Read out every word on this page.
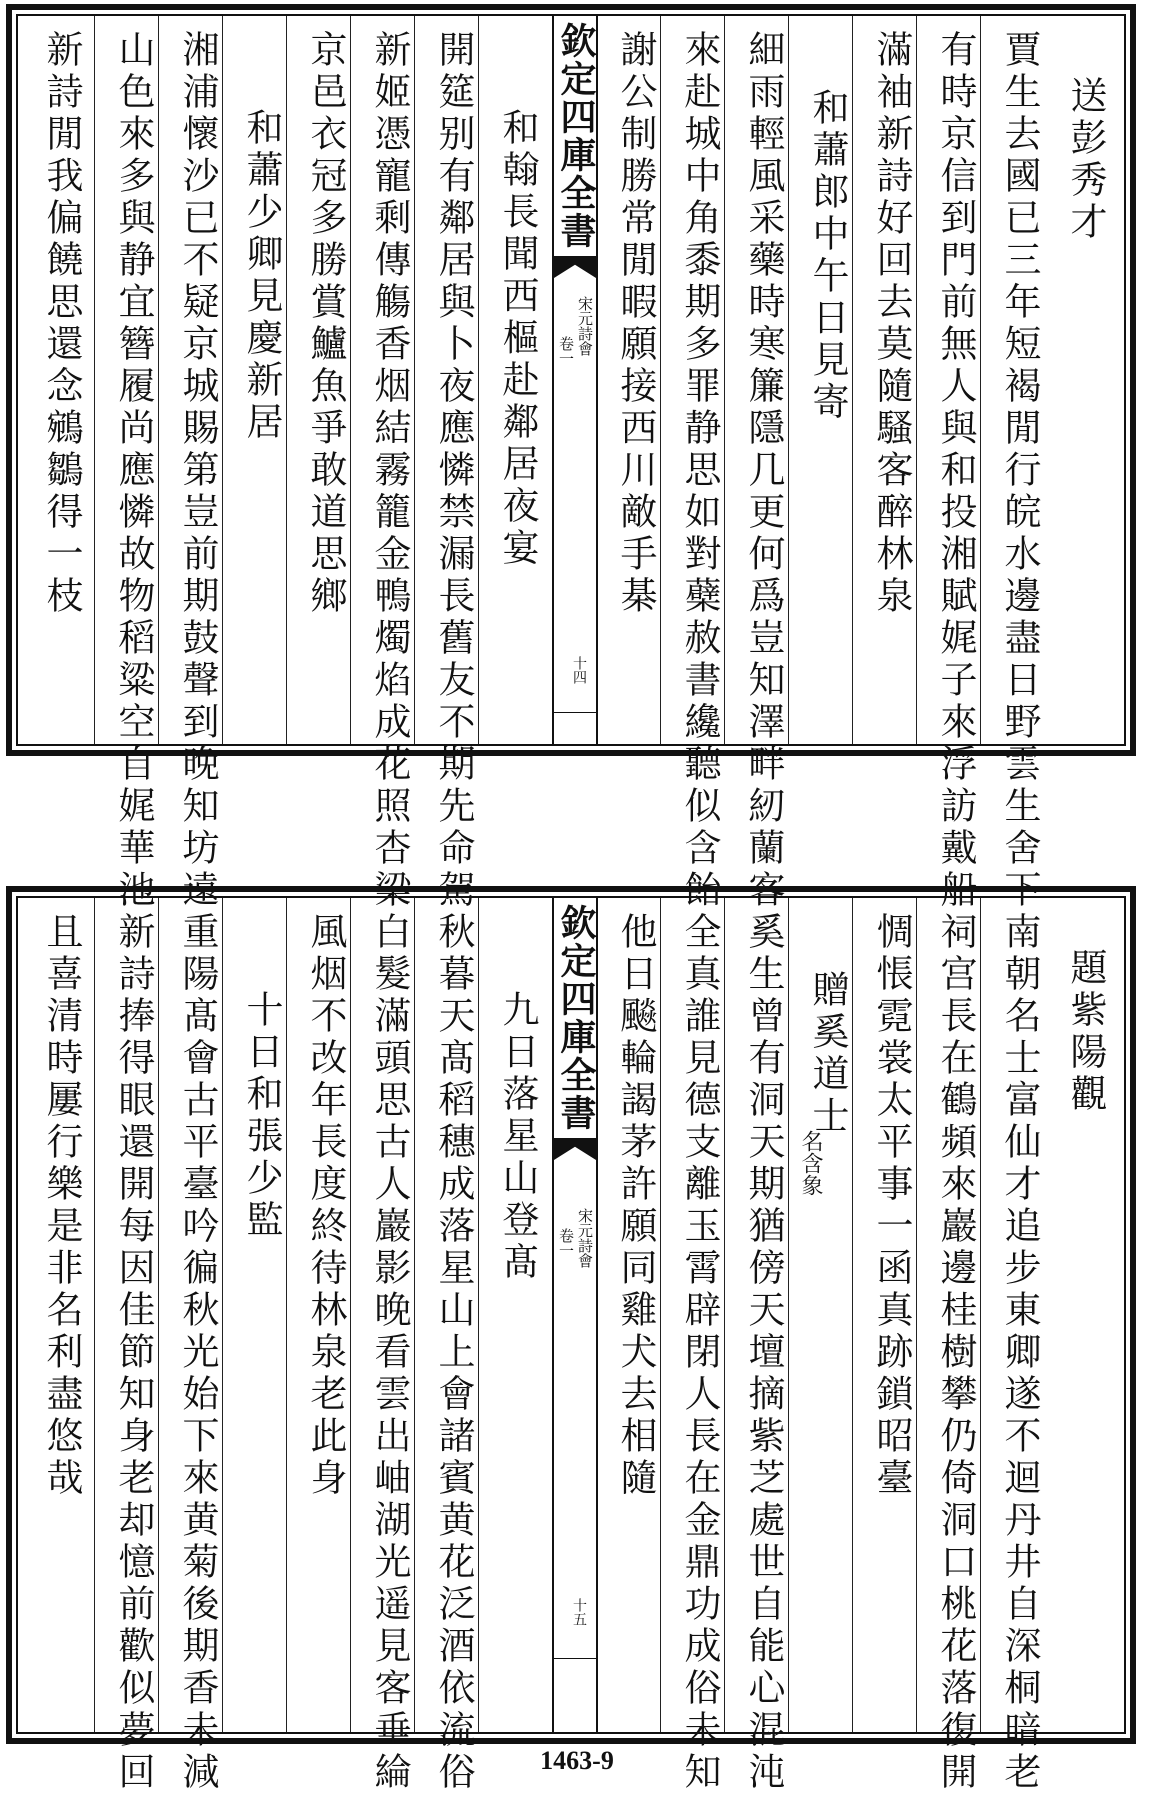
送彭秀才
賈生去國已三年短褐閒行皖水邊盡日野雲生舍下
有時京信到門前無人與和投湘賦娓子來浮訪戴船
滿袖新詩好回去莫隨騷客醉林泉
和蕭郎中午日見寄
細雨輕風采藥時寒簾隱几更何爲豈知澤畔紉蘭客
來赴城中角黍期多罪静思如對蘗赦書纔聽似含飴
謝公制勝常閒暇願接西川敵手棊
欽定四庫全書
宋元詩會
卷一
十四
和翰長聞西樞赴鄰居夜宴
開筵别有鄰居與卜夜應憐禁漏長舊友不期先命駕
新姬憑寵剩傳觴香烟結霧籠金鴨燭焰成花照杏梁
京邑衣冠多勝賞鱸魚爭敢道思鄉
和蕭少卿見慶新居
湘浦懷沙已不疑京城賜第豈前期鼓聲到晚知坊遠
山色來多與静宜簪履尚應憐故物稻粱空自娓華池
新詩閒我偏饒思還念鵷鶵得一枝
題紫陽觀
南朝名士富仙才追步東卿遂不迴丹井自深桐暗老
祠宫長在鶴頻來巖邊桂樹攀仍倚洞口桃花落復開
惆悵霓裳太平事一函真跡鎖昭臺
贈奚道士
名含象
奚生曾有洞天期猶傍天壇摘紫芝處世自能心混沌
全真誰見德支離玉霄辟閉人長在金鼎功成俗未知
他日飈輪謁茅許願同雞犬去相隨
欽定四庫全書
宋元詩會
卷一
十五
九日落星山登髙
秋暮天髙稻穗成落星山上會諸賓黄花泛酒依流俗
白髮滿頭思古人巖影晚看雲出岫湖光遥見客垂綸
風烟不改年長度終待林泉老此身
十日和張少監
重陽髙會古平臺吟徧秋光始下來黄菊後期香未減
新詩捧得眼還開每因佳節知身老却憶前歡似夢回
且喜清時屢行樂是非名利盡悠哉
1463-9
